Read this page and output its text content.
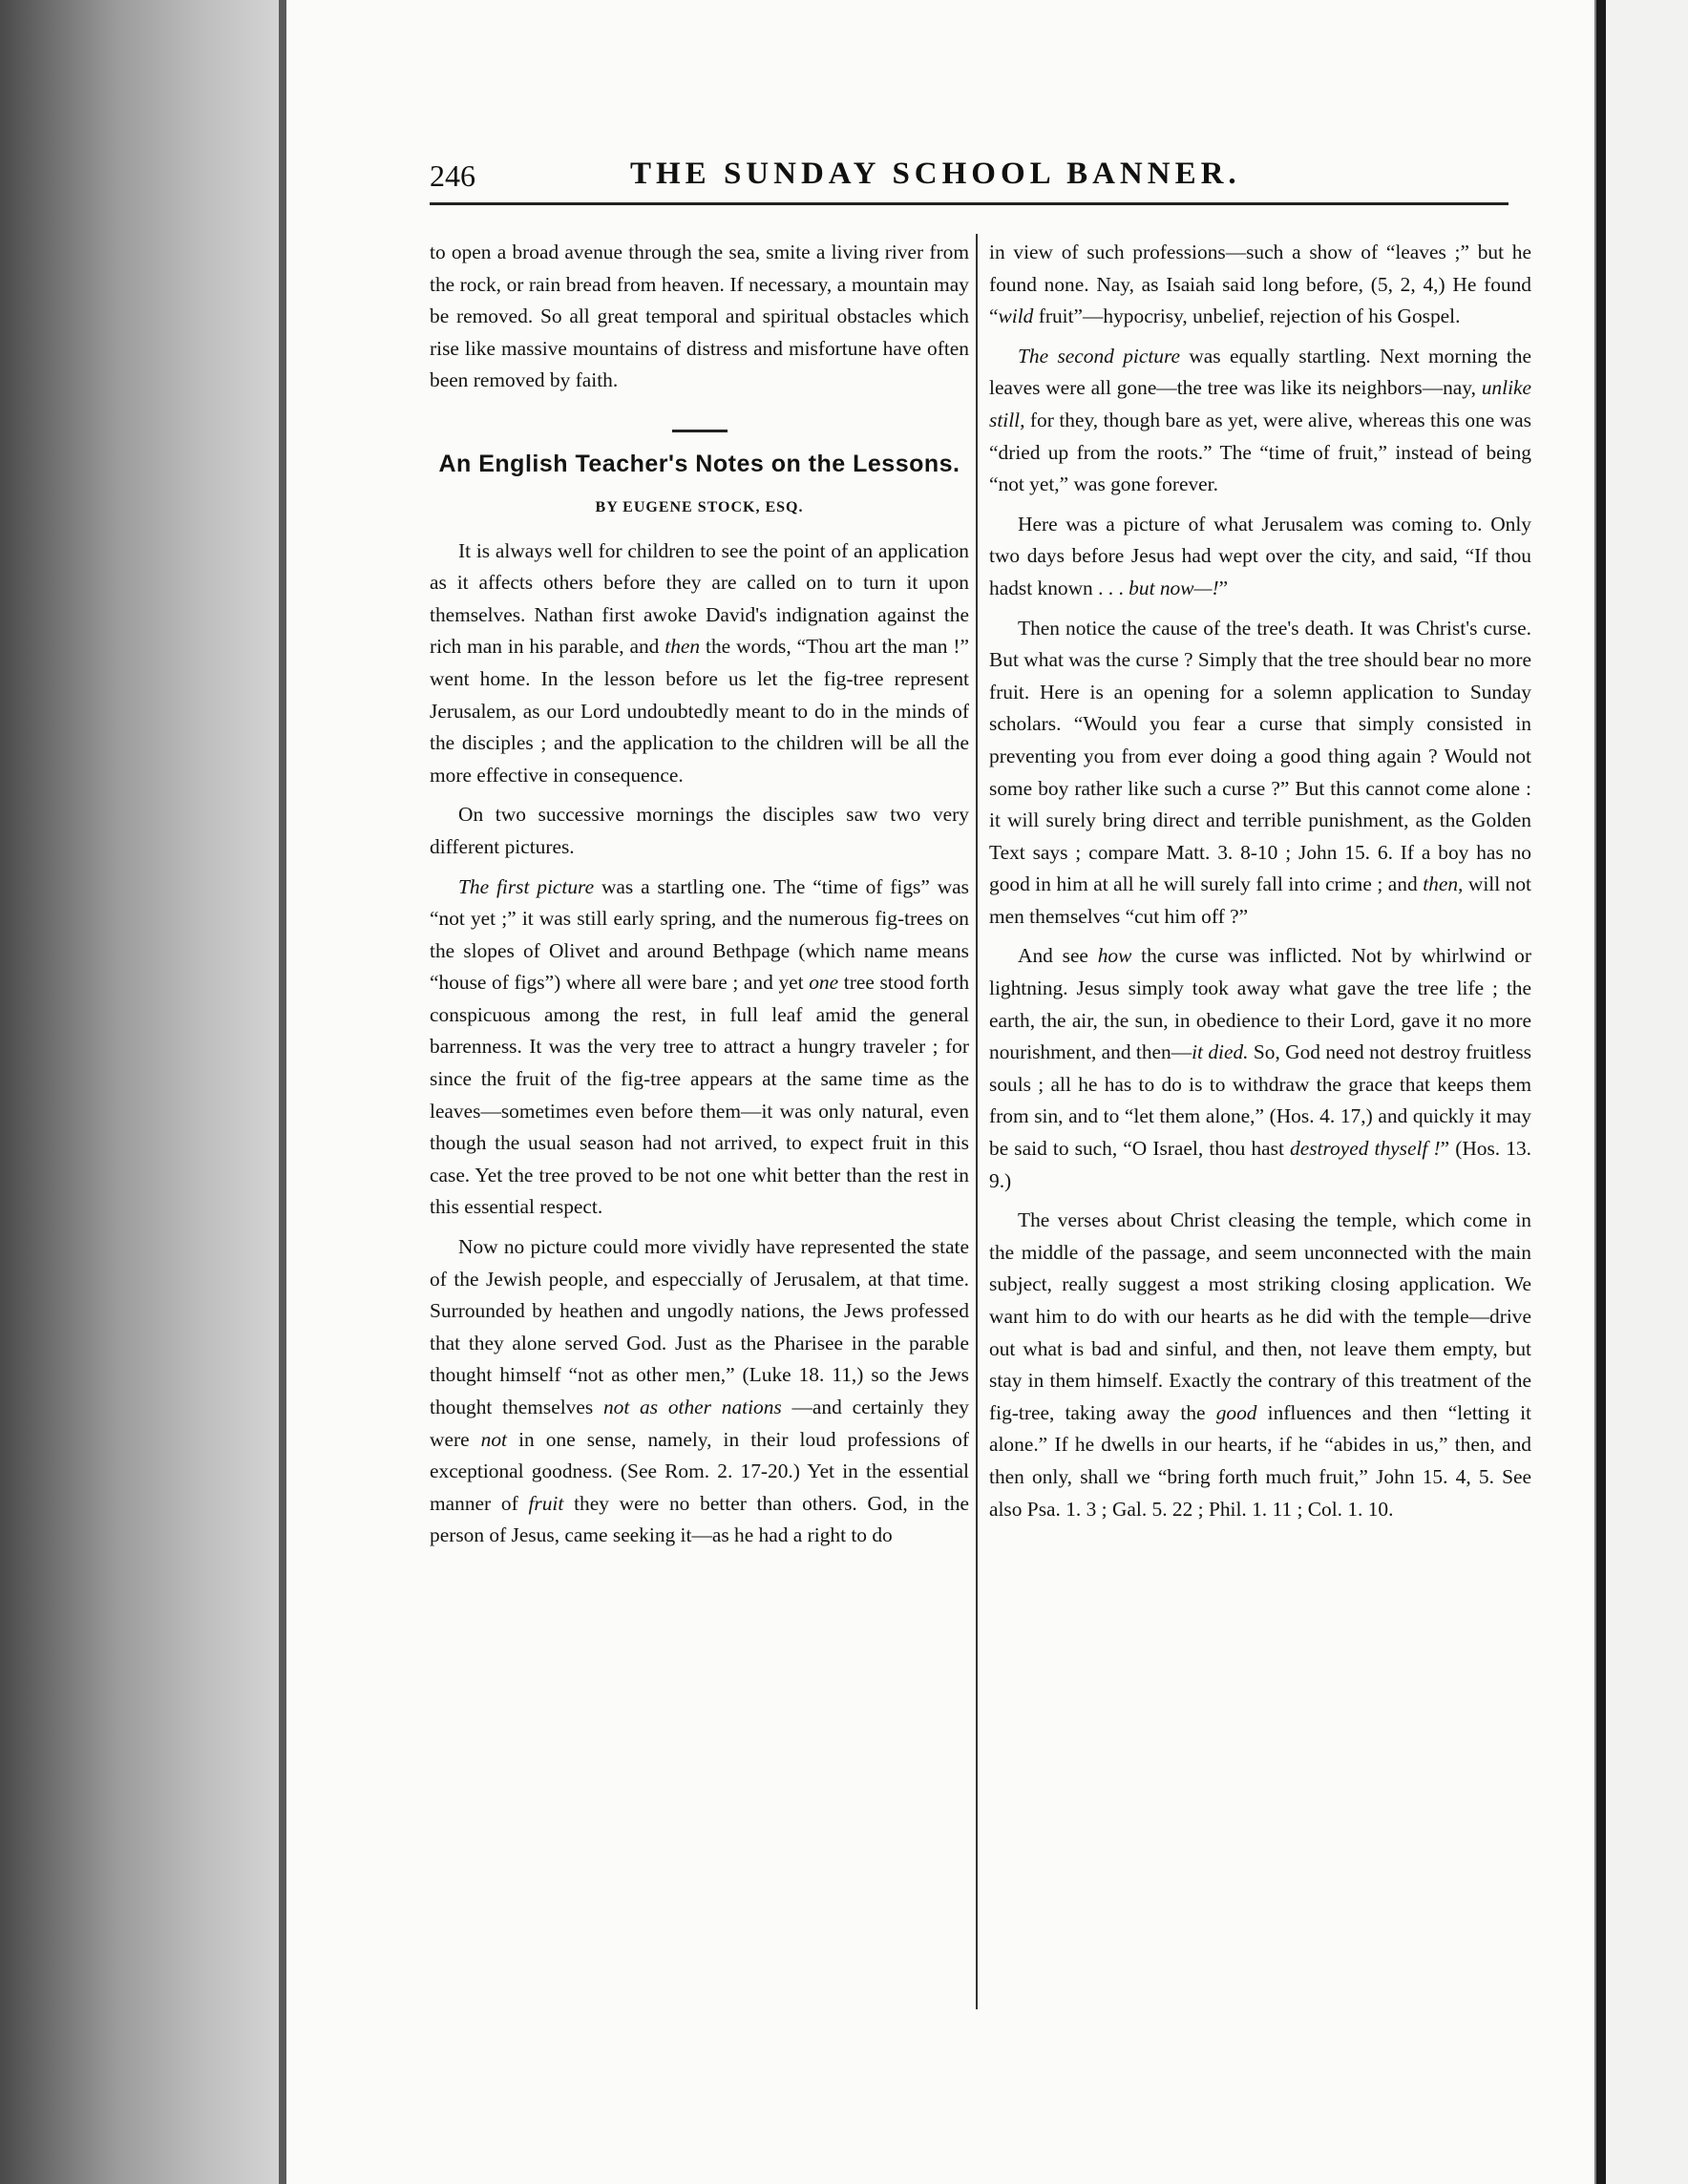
246	THE SUNDAY SCHOOL BANNER.

to open a broad avenue through the sea, smite a living river from the rock, or rain bread from heaven. If necessary, a mountain may be removed. So all great temporal and spiritual obstacles which rise like massive mountains of distress and misfortune have often been removed by faith.

An English Teacher's Notes on the Lessons.
BY EUGENE STOCK, ESQ.

It is always well for children to see the point of an application as it affects others before they are called on to turn it upon themselves. Nathan first awoke David's indignation against the rich man in his parable, and then the words, “Thou art the man !” went home. In the lesson before us let the fig-tree represent Jerusalem, as our Lord undoubtedly meant to do in the minds of the disciples ; and the application to the children will be all the more effective in consequence.

On two successive mornings the disciples saw two very different pictures.

The first picture was a startling one. The “time of figs” was “not yet ;” it was still early spring, and the numerous fig-trees on the slopes of Olivet and around Bethpage (which name means “house of figs”) where all were bare ; and yet one tree stood forth conspicuous among the rest, in full leaf amid the general barrenness. It was the very tree to attract a hungry traveler ; for since the fruit of the fig-tree appears at the same time as the leaves—sometimes even before them—it was only natural, even though the usual season had not arrived, to expect fruit in this case. Yet the tree proved to be not one whit better than the rest in this essential respect.

Now no picture could more vividly have represented the state of the Jewish people, and especcially of Jerusalem, at that time. Surrounded by heathen and ungodly nations, the Jews professed that they alone served God. Just as the Pharisee in the parable thought himself “not as other men,” (Luke 18. 11,) so the Jews thought themselves not as other nations —and certainly they were not in one sense, namely, in their loud professions of exceptional goodness. (See Rom. 2. 17-20.) Yet in the essential manner of fruit they were no better than others. God, in the person of Jesus, came seeking it—as he had a right to do

in view of such professions—such a show of “leaves ;” but he found none. Nay, as Isaiah said long before, (5, 2, 4,) He found “wild fruit”—hypocrisy, unbelief, rejection of his Gospel.

The second picture was equally startling. Next morning the leaves were all gone—the tree was like its neighbors—nay, unlike still, for they, though bare as yet, were alive, whereas this one was “dried up from the roots.” The “time of fruit,” instead of being “not yet,” was gone forever.

Here was a picture of what Jerusalem was coming to. Only two days before Jesus had wept over the city, and said, “If thou hadst known . . . but now—!”

Then notice the cause of the tree's death. It was Christ's curse. But what was the curse ? Simply that the tree should bear no more fruit. Here is an opening for a solemn application to Sunday scholars. “Would you fear a curse that simply consisted in preventing you from ever doing a good thing again ? Would not some boy rather like such a curse ?” But this cannot come alone : it will surely bring direct and terrible punishment, as the Golden Text says ; compare Matt. 3. 8-10 ; John 15. 6. If a boy has no good in him at all he will surely fall into crime ; and then, will not men themselves “cut him off ?”

And see how the curse was inflicted. Not by whirlwind or lightning. Jesus simply took away what gave the tree life ; the earth, the air, the sun, in obedience to their Lord, gave it no more nourishment, and then—it died. So, God need not destroy fruitless souls ; all he has to do is to withdraw the grace that keeps them from sin, and to “let them alone,” (Hos. 4. 17,) and quickly it may be said to such, “O Israel, thou hast destroyed thyself !” (Hos. 13. 9.)

The verses about Christ cleasing the temple, which come in the middle of the passage, and seem unconnected with the main subject, really suggest a most striking closing application. We want him to do with our hearts as he did with the temple—drive out what is bad and sinful, and then, not leave them empty, but stay in them himself. Exactly the contrary of this treatment of the fig-tree, taking away the good influences and then “letting it alone.” If he dwells in our hearts, if he “abides in us,” then, and then only, shall we “bring forth much fruit,” John 15. 4, 5. See also Psa. 1. 3 ; Gal. 5. 22 ; Phil. 1. 11 ; Col. 1. 10.
